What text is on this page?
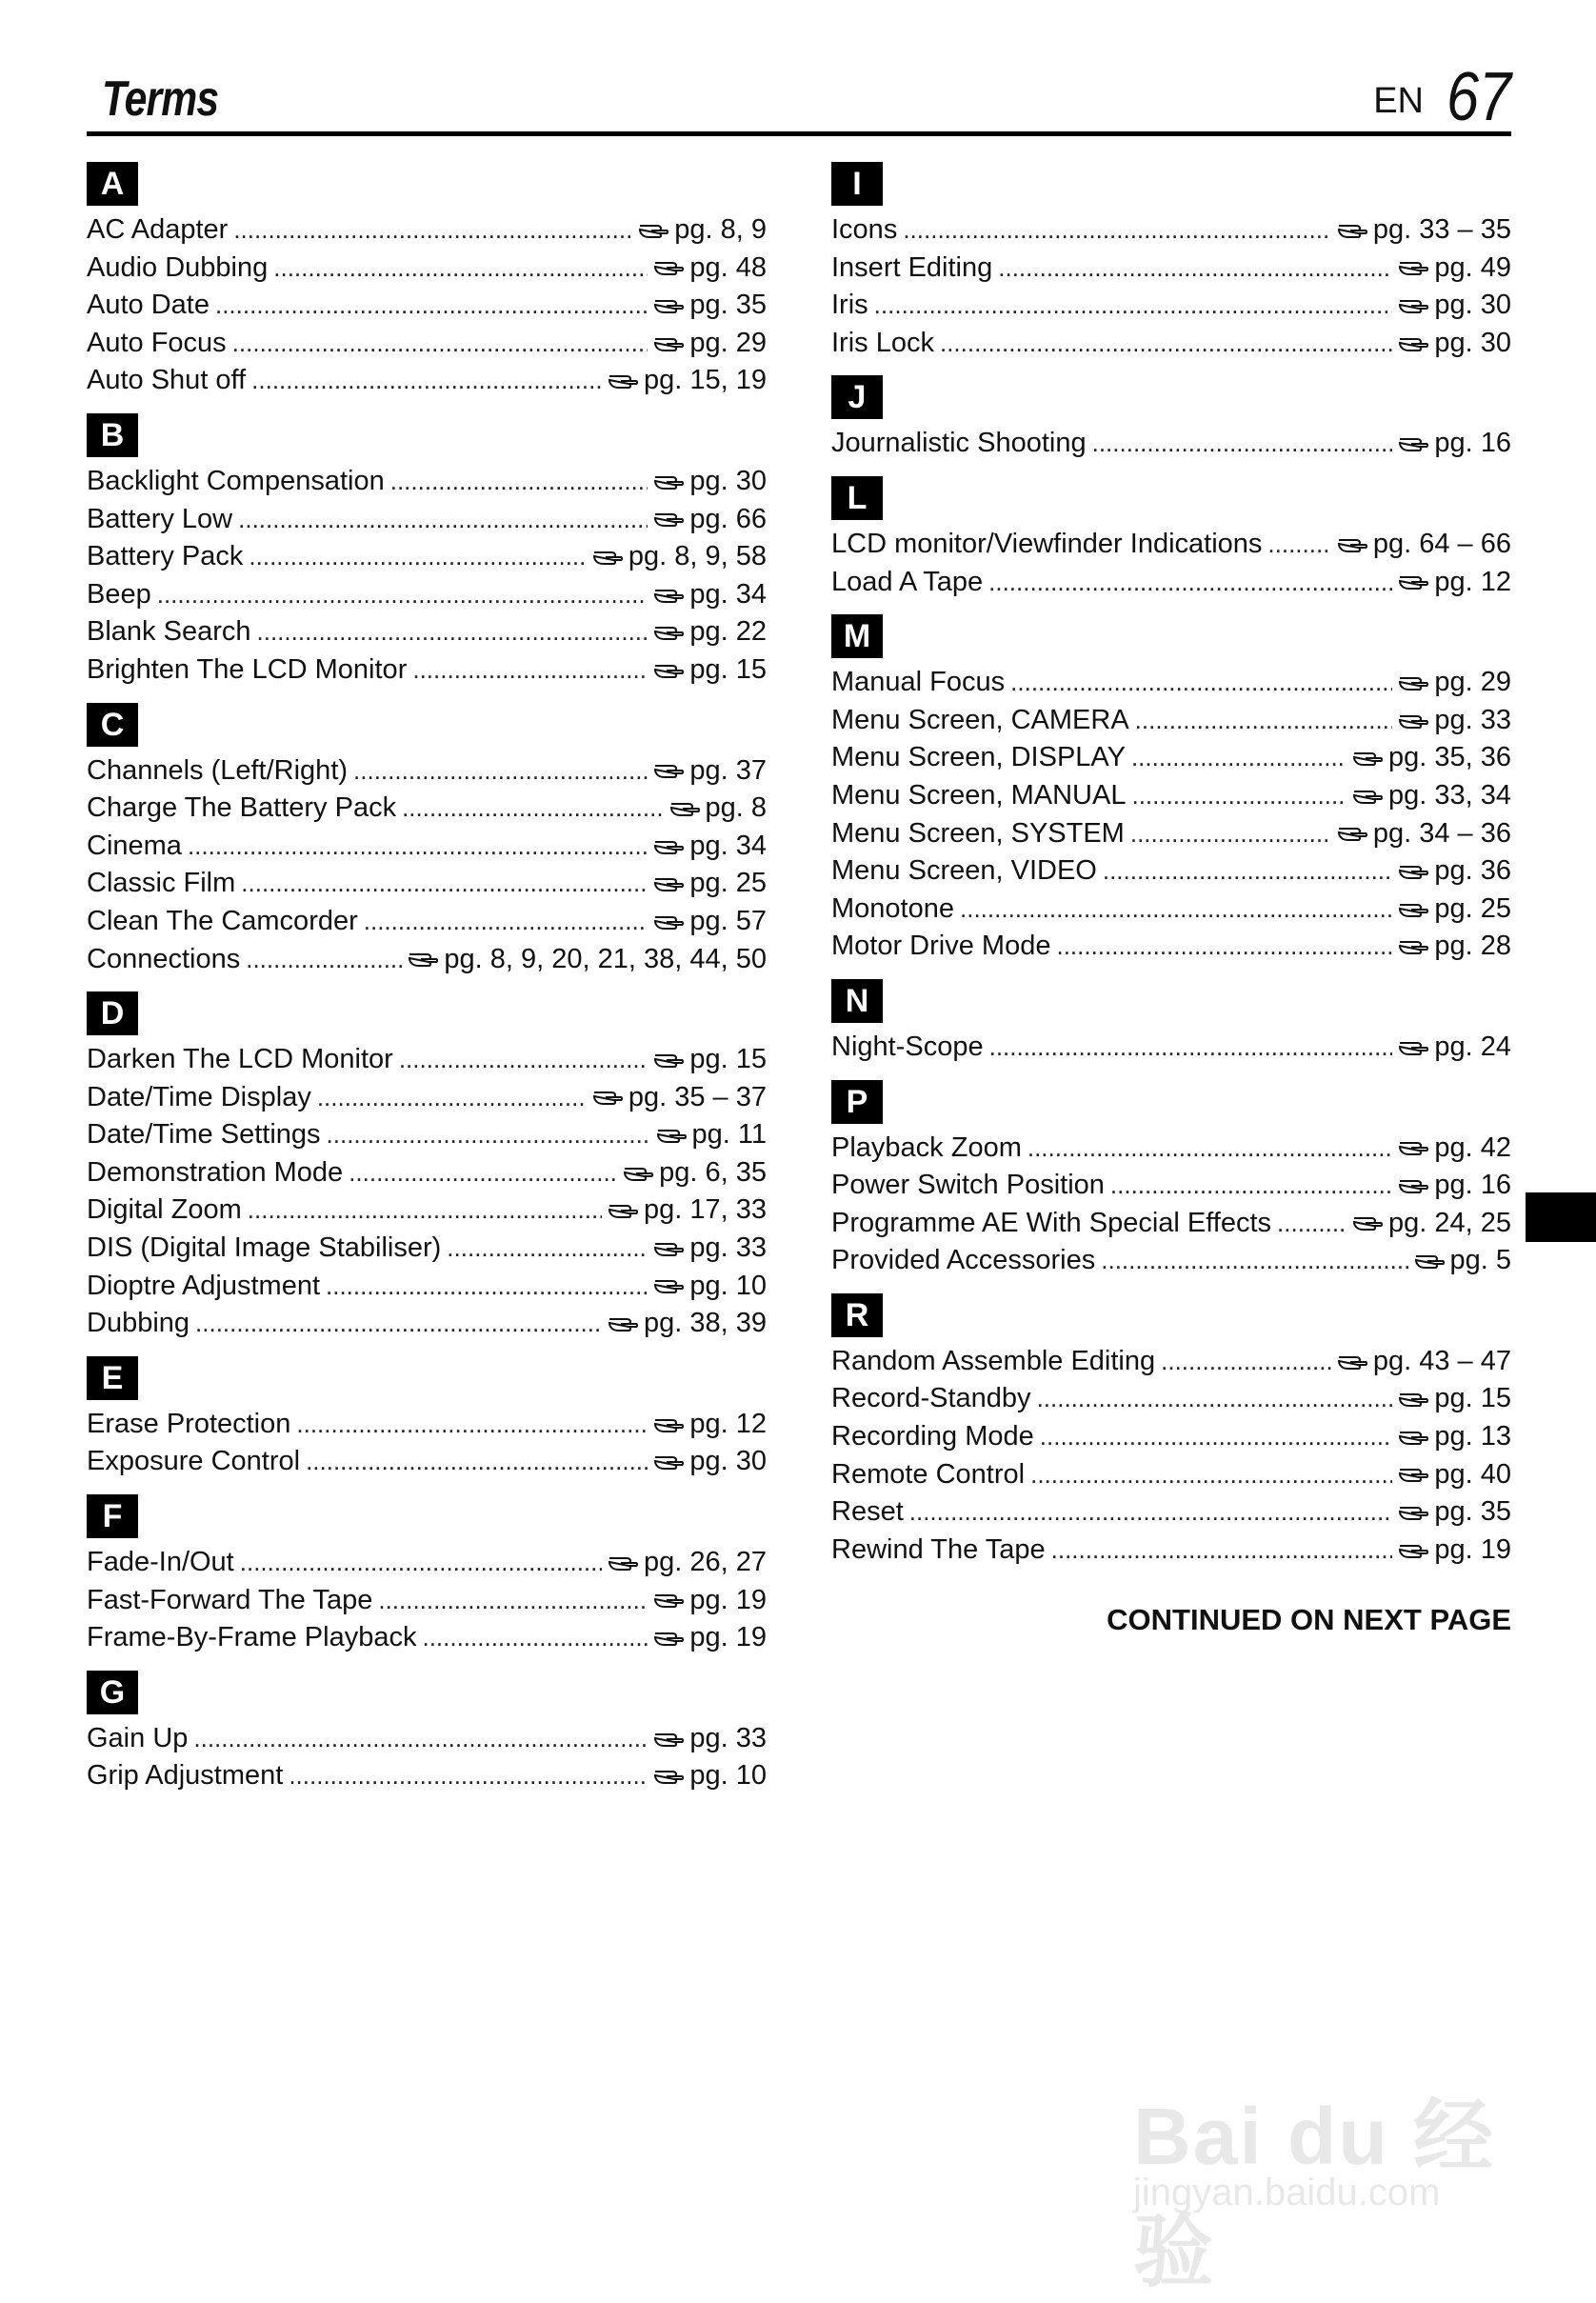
Terms	EN 67
A
AC Adapter .....	pg. 8, 9
Audio Dubbing .....	pg. 48
Auto Date .....	pg. 35
Auto Focus .....	pg. 29
Auto Shut off .....	pg. 15, 19
B
Backlight Compensation .....	pg. 30
Battery Low .....	pg. 66
Battery Pack .....	pg. 8, 9, 58
Beep .....	pg. 34
Blank Search .....	pg. 22
Brighten The LCD Monitor .....	pg. 15
C
Channels (Left/Right) .....	pg. 37
Charge The Battery Pack .....	pg. 8
Cinema .....	pg. 34
Classic Film .....	pg. 25
Clean The Camcorder .....	pg. 57
Connections .....	pg. 8, 9, 20, 21, 38, 44, 50
D
Darken The LCD Monitor .....	pg. 15
Date/Time Display .....	pg. 35 – 37
Date/Time Settings .....	pg. 11
Demonstration Mode .....	pg. 6, 35
Digital Zoom .....	pg. 17, 33
DIS (Digital Image Stabiliser) .....	pg. 33
Dioptre Adjustment .....	pg. 10
Dubbing .....	pg. 38, 39
E
Erase Protection .....	pg. 12
Exposure Control .....	pg. 30
F
Fade-In/Out .....	pg. 26, 27
Fast-Forward The Tape .....	pg. 19
Frame-By-Frame Playback .....	pg. 19
G
Gain Up .....	pg. 33
Grip Adjustment .....	pg. 10
I
Icons .....	pg. 33 – 35
Insert Editing .....	pg. 49
Iris .....	pg. 30
Iris Lock .....	pg. 30
J
Journalistic Shooting .....	pg. 16
L
LCD monitor/Viewfinder Indications .....	pg. 64 – 66
Load A Tape .....	pg. 12
M
Manual Focus .....	pg. 29
Menu Screen, CAMERA .....	pg. 33
Menu Screen, DISPLAY .....	pg. 35, 36
Menu Screen, MANUAL .....	pg. 33, 34
Menu Screen, SYSTEM .....	pg. 34 – 36
Menu Screen, VIDEO .....	pg. 36
Monotone .....	pg. 25
Motor Drive Mode .....	pg. 28
N
Night-Scope .....	pg. 24
P
Playback Zoom .....	pg. 42
Power Switch Position .....	pg. 16
Programme AE With Special Effects .....	pg. 24, 25
Provided Accessories .....	pg. 5
R
Random Assemble Editing .....	pg. 43 – 47
Record-Standby .....	pg. 15
Recording Mode .....	pg. 13
Remote Control .....	pg. 40
Reset .....	pg. 35
Rewind The Tape .....	pg. 19
CONTINUED ON NEXT PAGE
Bai du 经验
jingyan.baidu.com
